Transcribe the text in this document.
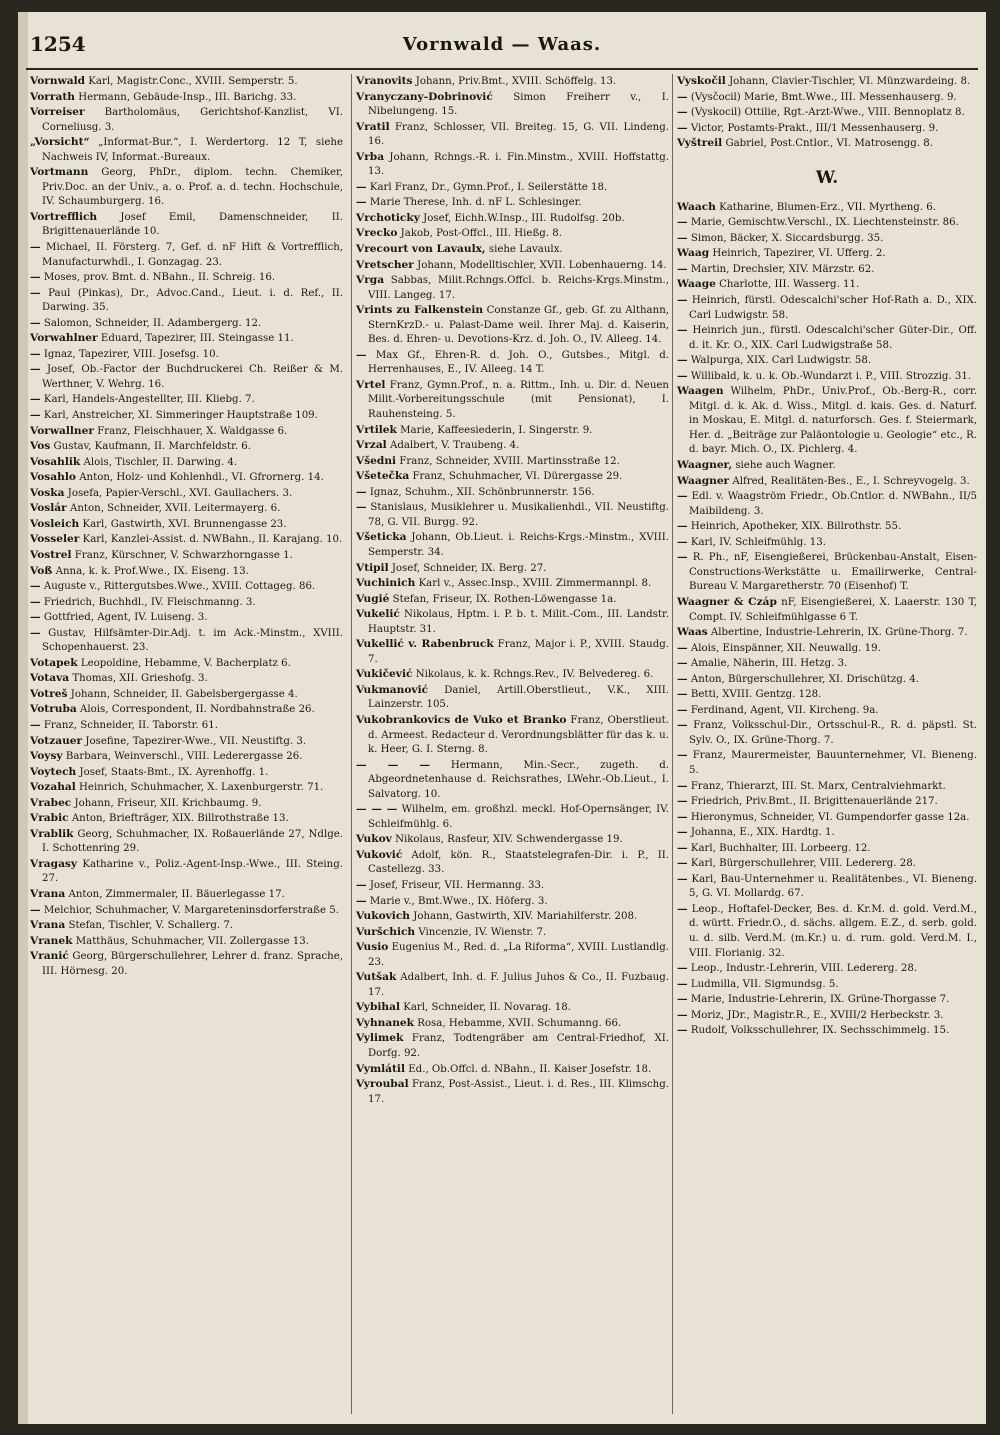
1254	Vornwald — Waas.

Vornwald Karl, Magistr.Conc., XVIII. Semperstr. 5.

Vorrath Hermann, Gebäude-Insp., III. Barichg. 33.

Vorreiser Bartholomäus, Gerichtshof-Kanzlist, VI. Corneliusg. 3.

„Vorsicht“ „Informat-Bur.“, I. Werdertorg. 12 T, siehe Nachweis IV, Informat.-Bureaux.

Vortmann Georg, PhDr., diplom. techn. Chemiker, Priv.Doc. an der Univ., a. o. Prof. a. d. techn. Hochschule, IV. Schaumburgerg. 16.

Vortrefflich Josef Emil, Damenschneider, II. Brigittenauerlände 10.

— Michael, II. Försterg. 7, Gef. d. nF Hift & Vortrefflich, Manufacturwhdl., I. Gonzagag. 23.

— Moses, prov. Bmt. d. NBahn., II. Schreig. 16.

— Paul (Pinkas), Dr., Advoc.Cand., Lieut. i. d. Ref., II. Darwing. 35.

— Salomon, Schneider, II. Adambergerg. 12.

Vorwahlner Eduard, Tapezirer, III. Steingasse 11.

— Ignaz, Tapezirer, VIII. Josefsg. 10.

— Josef, Ob.-Factor der Buchdruckerei Ch. Reißer & M. Werthner, V. Wehrg. 16.

— Karl, Handels-Angestellter, III. Kliebg. 7.

— Karl, Anstreicher, XI. Simmeringer Hauptstraße 109.

Vorwallner Franz, Fleischhauer, X. Waldgasse 6.

Vos Gustav, Kaufmann, II. Marchfeldstr. 6.

Vosahlik Alois, Tischler, II. Darwing. 4.

Vosahlo Anton, Holz- und Kohlenhdl., VI. Gfrornerg. 14.

Voska Josefa, Papier-Verschl., XVI. Gaullachers. 3.

Voslár Anton, Schneider, XVII. Leitermayerg. 6.

Vosleich Karl, Gastwirth, XVI. Brunnengasse 23.

Vosseler Karl, Kanzlei-Assist. d. NWBahn., II. Karajang. 10.

Vostrel Franz, Kürschner, V. Schwarzhorngasse 1.

Voß Anna, k. k. Prof.Wwe., IX. Eiseng. 13.

— Auguste v., Rittergutsbes.Wwe., XVIII. Cottageg. 86.

— Friedrich, Buchhdl., IV. Fleischmanng. 3.

— Gottfried, Agent, IV. Luiseng. 3.

— Gustav, Hilfsämter-Dir.Adj. t. im Ack.-Minstm., XVIII. Schopenhauerst. 23.

Votapek Leopoldine, Hebamme, V. Bacherplatz 6.

Votava Thomas, XII. Grieshofg. 3.

Votreš Johann, Schneider, II. Gabelsbergergasse 4.

Votruba Alois, Correspondent, II. Nordbahnstraße 26.

— Franz, Schneider, II. Taborstr. 61.

Votzauer Josefine, Tapezirer-Wwe., VII. Neustiftg. 3.

Voysy Barbara, Weinverschl., VIII. Lederergasse 26.

Voytech Josef, Staats-Bmt., IX. Ayrenhoffg. 1.

Vozahal Heinrich, Schuhmacher, X. Laxenburgerstr. 71.

Vrabec Johann, Friseur, XII. Krichbaumg. 9.

Vrabic Anton, Briefträger, XIX. Billrothstraße 13.

Vrablik Georg, Schuhmacher, IX. Roßauerlände 27, Ndlge. I. Schottenring 29.

Vragasy Katharine v., Poliz.-Agent-Insp.-Wwe., III. Steing. 27.

Vrana Anton, Zimmermaler, II. Bäuerlegasse 17.

— Melchior, Schuhmacher, V. Margareteninsdorferstraße 5.

Vrana Stefan, Tischler, V. Schallerg. 7.

Vranek Matthäus, Schuhmacher, VII. Zollergasse 13.

Vranić Georg, Bürgerschullehrer, Lehrer d. franz. Sprache, III. Hörnesg. 20.

Vranovits Johann, Priv.Bmt., XVIII. Schöffelg. 13.

Vranyczany-Dobrinović Simon Freiherr v., I. Nibelungeng. 15.

Vratil Franz, Schlosser, VII. Breiteg. 15, G. VII. Lindeng. 16.

Vrba Johann, Rchngs.-R. i. Fin.Minstm., XVIII. Hoffstattg. 13.

— Karl Franz, Dr., Gymn.Prof., I. Seilerstätte 18.

— Marie Therese, Inh. d. nF L. Schlesinger.

Vrchoticky Josef, Eichh.W.Insp., III. Rudolfsg. 20b.

Vrecko Jakob, Post-Offcl., III. Hießg. 8.

Vrecourt von Lavaulx, siehe Lavaulx.

Vretscher Johann, Modelltischler, XVII. Lobenhauerng. 14.

Vrga Sabbas, Milit.Rchngs.Offcl. b. Reichs-Krgs.Minstm., VIII. Langeg. 17.

Vrints zu Falkenstein Constanze Gf., geb. Gf. zu Althann, SternKrzD.- u. Palast-Dame weil. Ihrer Maj. d. Kaiserin, Bes. d. Ehren- u. Devotions-Krz. d. Joh. O., IV. Alleeg. 14.

— Max Gf., Ehren-R. d. Joh. O., Gutsbes., Mitgl. d. Herrenhauses, E., IV. Alleeg. 14 T.

Vrtel Franz, Gymn.Prof., n. a. Rittm., Inh. u. Dir. d. Neuen Milit.-Vorbereitungsschule (mit Pensionat), I. Rauhensteing. 5.

Vrtilek Marie, Kaffeesiederin, I. Singerstr. 9.

Vrzal Adalbert, V. Traubeng. 4.

Všedni Franz, Schneider, XVIII. Martinsstraße 12.

Všetečka Franz, Schuhmacher, VI. Dürergasse 29.

— Ignaz, Schuhm., XII. Schönbrunnerstr. 156.

— Stanislaus, Musiklehrer u. Musikalienhdl., VII. Neustiftg. 78, G. VII. Burgg. 92.

Všeticka Johann, Ob.Lieut. i. Reichs-Krgs.-Minstm., XVIII. Semperstr. 34.

Vtipil Josef, Schneider, IX. Berg. 27.

Vuchinich Karl v., Assec.Insp., XVIII. Zimmermannpl. 8.

Vugié Stefan, Friseur, IX. Rothen-Löwengasse 1a.

Vukelić Nikolaus, Hptm. i. P. b. t. Milit.-Com., III. Landstr. Hauptstr. 31.

Vukellić v. Rabenbruck Franz, Major i. P., XVIII. Staudg. 7.

Vukičević Nikolaus, k. k. Rchngs.Rev., IV. Belvedereg. 6.

Vukmanović Daniel, Artill.Oberstlieut., V.K., XIII. Lainzerstr. 105.

Vukobrankovics de Vuko et Branko Franz, Oberstlieut. d. Armeest. Redacteur d. Verordnungsblätter für das k. u. k. Heer, G. I. Sterng. 8.

— — — Hermann, Min.-Secr., zugeth. d. Abgeordnetenhause d. Reichsrathes, LWehr.-Ob.Lieut., I. Salvatorg. 10.

— — — Wilhelm, em. großhzl. meckl. Hof-Opernsänger, IV. Schleifmühlg. 6.

Vukov Nikolaus, Rasfeur, XIV. Schwendergasse 19.

Vuković Adolf, kön. R., Staatstelegrafen-Dir. i. P., II. Castellezg. 33.

— Josef, Friseur, VII. Hermanng. 33.

— Marie v., Bmt.Wwe., IX. Höferg. 3.

Vukovich Johann, Gastwirth, XIV. Mariahilferstr. 208.

Vuršchich Vincenzie, IV. Wienstr. 7.

Vusio Eugenius M., Red. d. „La Riforma“, XVIII. Lustlandlg. 23.

Vutšak Adalbert, Inh. d. F. Julius Juhos & Co., II. Fuzbaug. 17.

Vybihal Karl, Schneider, II. Novarag. 18.

Vyhnanek Rosa, Hebamme, XVII. Schumanng. 66.

Vylimek Franz, Todtengräber am Central-Friedhof, XI. Dorfg. 92.

Vymlátil Ed., Ob.Offcl. d. NBahn., II. Kaiser Josefstr. 18.

Vyroubal Franz, Post-Assist., Lieut. i. d. Res., III. Klimschg. 17.

Vyskočil Johann, Clavier-Tischler, VI. Münzwardeing. 8.

— (Vysčocil) Marie, Bmt.Wwe., III. Messenhauserg. 9.

— (Vyskocil) Ottilie, Rgt.-Arzt-Wwe., VIII. Bennoplatz 8.

— Victor, Postamts-Prakt., III/1 Messenhauserg. 9.

Vyštreil Gabriel, Post.Cntlor., VI. Matrosengg. 8.

W.

Waach Katharine, Blumen-Erz., VII. Myrtheng. 6.

— Marie, Gemischtw.Verschl., IX. Liechtensteinstr. 86.

— Simon, Bäcker, X. Siccardsburgg. 35.

Waag Heinrich, Tapezirer, VI. Ufferg. 2.

— Martin, Drechsler, XIV. Märzstr. 62.

Waage Charlotte, III. Wasserg. 11.

— Heinrich, fürstl. Odescalchi'scher Hof-Rath a. D., XIX. Carl Ludwigstr. 58.

— Heinrich jun., fürstl. Odescalchi'scher Güter-Dir., Off. d. it. Kr. O., XIX. Carl Ludwigstraße 58.

— Walpurga, XIX. Carl Ludwigstr. 58.

— Willibald, k. u. k. Ob.-Wundarzt i. P., VIII. Strozzig. 31.

Waagen Wilhelm, PhDr., Univ.Prof., Ob.-Berg-R., corr. Mitgl. d. k. Ak. d. Wiss., Mitgl. d. kais. Ges. d. Naturf. in Moskau, E. Mitgl. d. naturforsch. Ges. f. Steiermark, Her. d. „Beiträge zur Paläontologie u. Geologie“ etc., R. d. bayr. Mich. O., IX. Pichlerg. 4.

Waagner, siehe auch Wagner.

Waagner Alfred, Realitäten-Bes., E., I. Schreyvogelg. 3.

— Edl. v. Waagström Friedr., Ob.Cntlor. d. NWBahn., II/5 Maibildeng. 3.

— Heinrich, Apotheker, XIX. Billrothstr. 55.

— Karl, IV. Schleifmühlg. 13.

— R. Ph., nF, Eisengießerei, Brückenbau-Anstalt, Eisen-Constructions-Werkstätte u. Emailirwerke, Central-Bureau V. Margaretherstr. 70 (Eisenhof) T.

Waagner & Czáp nF, Eisengießerei, X. Laaerstr. 130 T, Compt. IV. Schleifmühlgasse 6 T.

Waas Albertine, Industrie-Lehrerin, IX. Grüne-Thorg. 7.

— Alois, Einspänner, XII. Neuwallg. 19.

— Amalie, Näherin, III. Hetzg. 3.

— Anton, Bürgerschullehrer, XI. Drischützg. 4.

— Betti, XVIII. Gentzg. 128.

— Ferdinand, Agent, VII. Kircheng. 9a.

— Franz, Volksschul-Dir., Ortsschul-R., R. d. päpstl. St. Sylv. O., IX. Grüne-Thorg. 7.

— Franz, Maurermeister, Bauunternehmer, VI. Bieneng. 5.

— Franz, Thierarzt, III. St. Marx, Centralviehmarkt.

— Friedrich, Priv.Bmt., II. Brigittenauerlände 217.

— Hieronymus, Schneider, VI. Gumpendorfer gasse 12a.

— Johanna, E., XIX. Hardtg. 1.

— Karl, Buchhalter, III. Lorbeerg. 12.

— Karl, Bürgerschullehrer, VIII. Ledererg. 28.

— Karl, Bau-Unternehmer u. Realitätenbes., VI. Bieneng. 5, G. VI. Mollardg. 67.

— Leop., Hoftafel-Decker, Bes. d. Kr.M. d. gold. Verd.M., d. württ. Friedr.O., d. sächs. allgem. E.Z., d. serb. gold. u. d. silb. Verd.M. (m.Kr.) u. d. rum. gold. Verd.M. I., VIII. Florianig. 32.

— Leop., Industr.-Lehrerin, VIII. Ledererg. 28.

— Ludmilla, VII. Sigmundsg. 5.

— Marie, Industrie-Lehrerin, IX. Grüne-Thorgasse 7.

— Moriz, JDr., Magistr.R., E., XVIII/2 Herbeckstr. 3.

— Rudolf, Volksschullehrer, IX. Sechsschimmelg. 15.
